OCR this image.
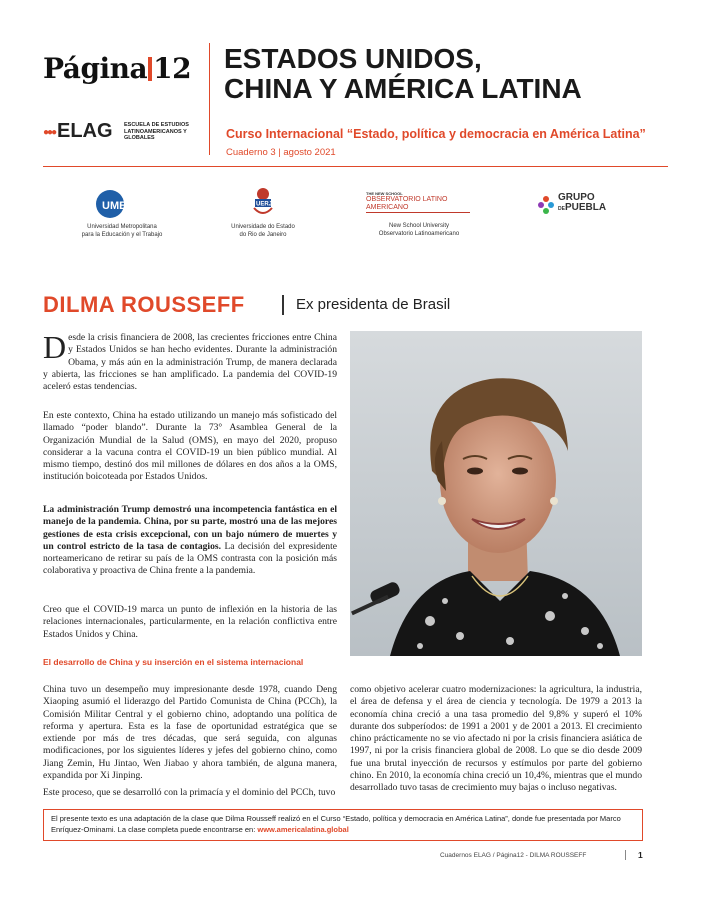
Página 12
●●● ELAG ESCUELA DE ESTUDIOS LATINOAMERICANOS Y GLOBALES
ESTADOS UNIDOS,
CHINA Y AMÉRICA LATINA
Curso Internacional “Estado, política y democracia en América Latina”
Cuaderno 3 | agosto 2021
UMET
Universidad Metropolitana
para la Educación y el Trabajo
UERJ
Universidade do Estado
do Rio de Janeiro
THE NEW SCHOOL
OBSERVATORIO LATINO AMERICANO
New School University
Observatorio Latinoamericano
GRUPO
DEPUEBLA
DILMA ROUSSEFF	Ex presidenta de Brasil

Desde la crisis financiera de 2008, las crecientes fricciones entre China y Estados Unidos se han hecho evidentes. Durante la administración Obama, y más aún en la administración Trump, de manera declarada y abierta, las fricciones se han amplificado. La pandemia del COVID-19 aceleró estas tendencias.

En este contexto, China ha estado utilizando un manejo más sofisticado del llamado “poder blando”. Durante la 73° Asamblea General de la Organización Mundial de la Salud (OMS), en mayo del 2020, propuso considerar a la vacuna contra el COVID-19 un bien público mundial. Al mismo tiempo, destinó dos mil millones de dólares en dos años a la OMS, institución boicoteada por Estados Unidos.

La administración Trump demostró una incompetencia fantástica en el manejo de la pandemia. China, por su parte, mostró una de las mejores gestiones de esta crisis excepcional, con un bajo número de muertes y un control estricto de la tasa de contagios. La decisión del expresidente norteamericano de retirar su país de la OMS contrasta con la posición más colaborativa y proactiva de China frente a la pandemia.

Creo que el COVID-19 marca un punto de inflexión en la historia de las relaciones internacionales, particularmente, en la relación conflictiva entre Estados Unidos y China.

El desarrollo de China y su inserción en el sistema internacional

China tuvo un desempeño muy impresionante desde 1978, cuando Deng Xiaoping asumió el liderazgo del Partido Comunista de China (PCCh), la Comisión Militar Central y el gobierno chino, adoptando una política de reforma y apertura. Esta es la fase de oportunidad estratégica que se extiende por más de tres décadas, que será seguida, con algunas modificaciones, por los siguientes líderes y jefes del gobierno chino, como Jiang Zemin, Hu Jintao, Wen Jiabao y ahora también, de alguna manera, expandida por Xi Jinping.

Este proceso, que se desarrolló con la primacía y el dominio del PCCh, tuvo

como objetivo acelerar cuatro modernizaciones: la agricultura, la industria, el área de defensa y el área de ciencia y tecnología. De 1979 a 2013 la economía china creció a una tasa promedio del 9,8% y superó el 10% durante dos subperíodos: de 1991 a 2001 y de 2001 a 2013. El crecimiento chino prácticamente no se vio afectado ni por la crisis financiera asiática de 1997, ni por la crisis financiera global de 2008. Lo que se dio desde 2009 fue una brutal inyección de recursos y estímulos por parte del gobierno chino. En 2010, la economía china creció un 10,4%, mientras que el mundo desarrollado tuvo tasas de crecimiento muy bajas o incluso negativas.

El presente texto es una adaptación de la clase que Dilma Rousseff realizó en el Curso “Estado, política y democracia en América Latina”, donde fue presentada por Marco Enríquez-Ominami. La clase completa puede encontrarse en: www.americalatina.global

Cuadernos ELAG / Página12 - DILMA ROUSSEFF	1
